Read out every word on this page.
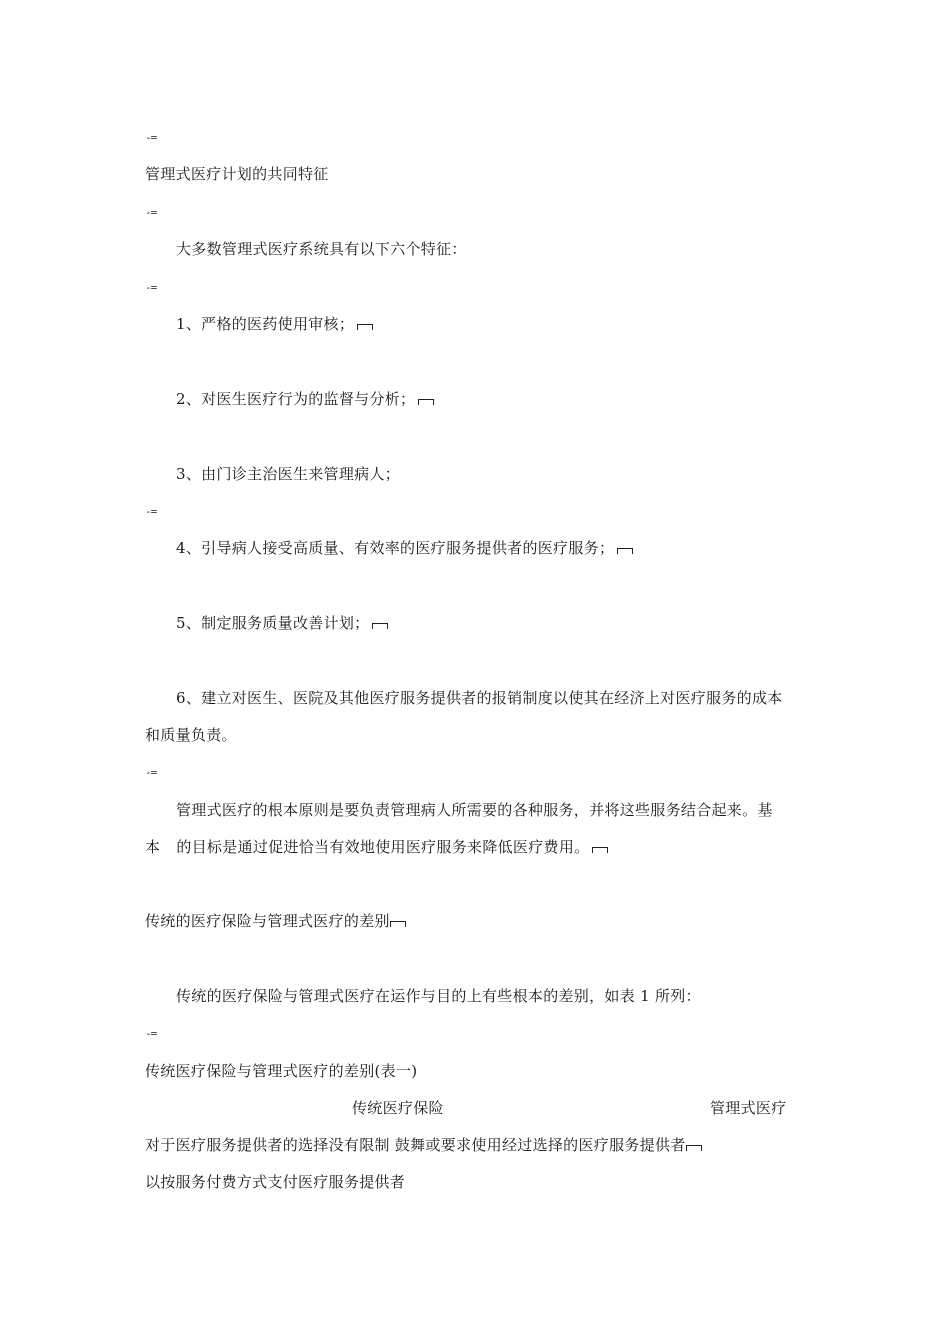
-=
管理式医疗计划的共同特征
-=
大多数管理式医疗系统具有以下六个特征：
-=
1、严格的医药使用审核；
2、对医生医疗行为的监督与分析；
3、由门诊主治医生来管理病人；
-=
4、引导病人接受高质量、有效率的医疗服务提供者的医疗服务；
5、制定服务质量改善计划；
6、建立对医生、医院及其他医疗服务提供者的报销制度以使其在经济上对医疗服务的成本
和质量负责。
-=
管理式医疗的根本原则是要负责管理病人所需要的各种服务，并将这些服务结合起来。基
本 的目标是通过促进恰当有效地使用医疗服务来降低医疗费用。
传统的医疗保险与管理式医疗的差别
传统的医疗保险与管理式医疗在运作与目的上有些根本的差别，如表 1 所列：
-=
传统医疗保险与管理式医疗的差别(表一)
传统医疗保险	管理式医疗
对于医疗服务提供者的选择没有限制 鼓舞或要求使用经过选择的医疗服务提供者
以按服务付费方式支付医疗服务提供者
